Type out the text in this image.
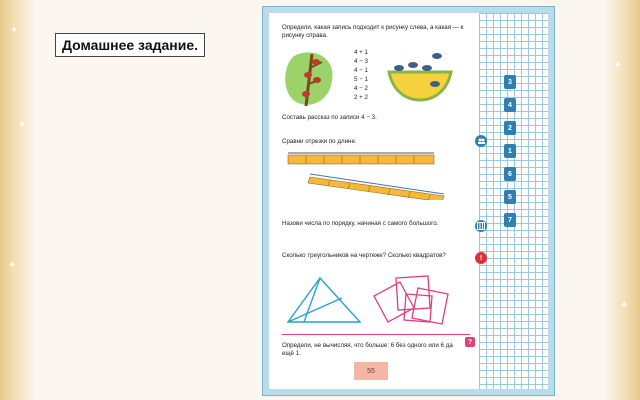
✦
✦
✦
✦
✦
Домашнее задание.
Определи, какая запись подходит к рисунку слева, а какая — к рисунку справа.
4 + 1
4 − 3
4 − 1
5 − 1
4 − 2
2 + 2
Составь рассказ по записи 4 − 3.
Сравни отрезки по длине.
Назови числа по порядку, начиная с самого большого.
Сколько треугольников на чертеже? Сколько квадратов?
Определи, не вычисляя, что больше: 6 без одного или 6 да ещё 1.
55
3
4
2
1
6
5
7
!
?
